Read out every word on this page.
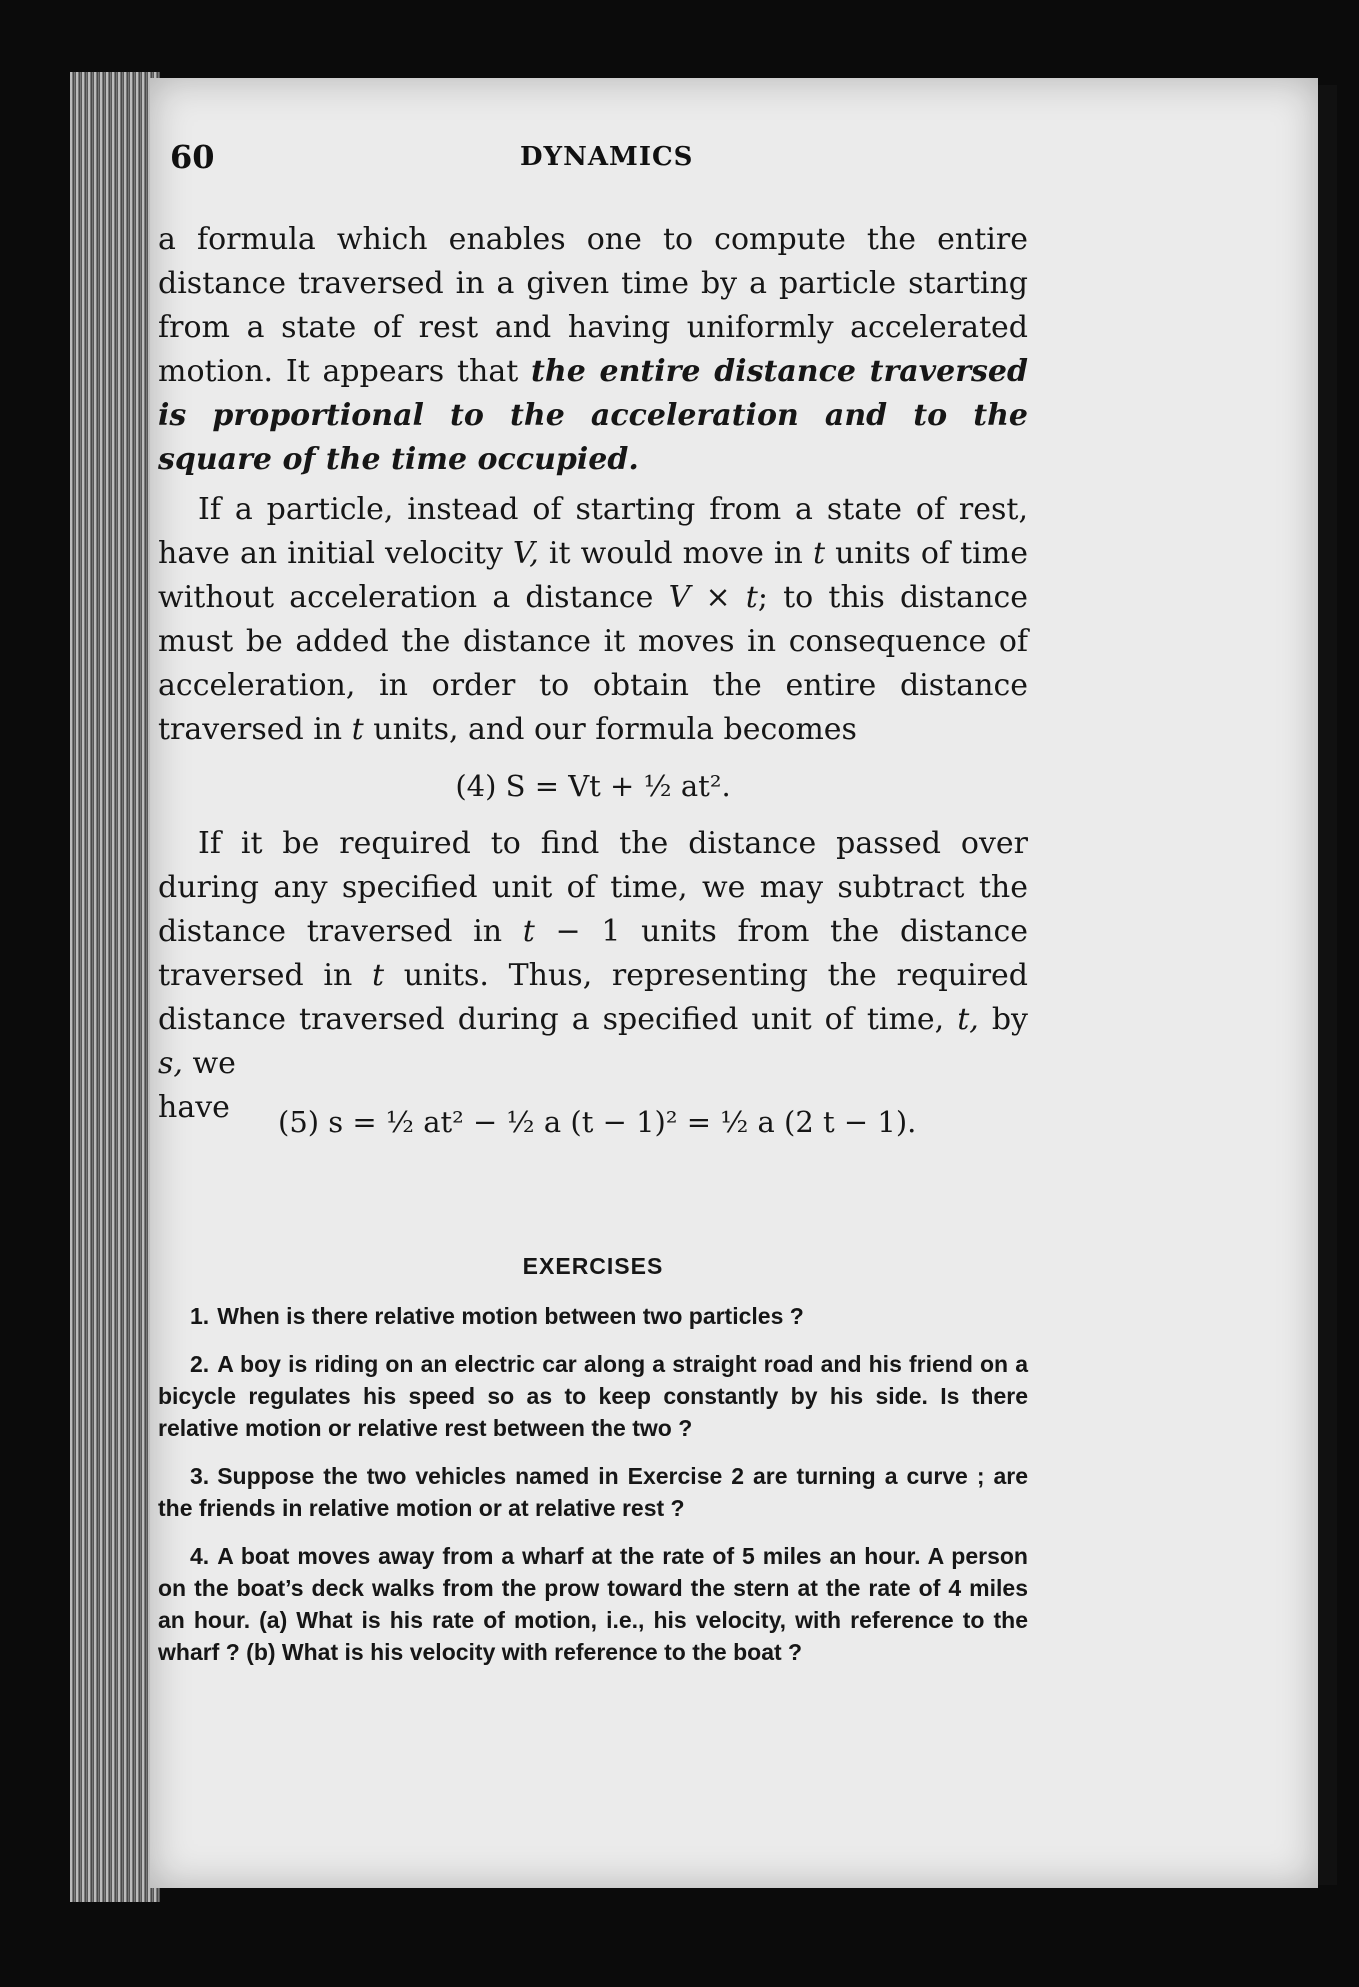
60	DYNAMICS

a formula which enables one to compute the entire distance traversed in a given time by a particle starting from a state of rest and having uniformly accelerated motion. It appears that the entire distance traversed is proportional to the acceleration and to the square of the time occupied.

If a particle, instead of starting from a state of rest, have an initial velocity V, it would move in t units of time without acceleration a distance V × t; to this distance must be added the distance it moves in consequence of acceleration, in order to obtain the entire distance traversed in t units, and our formula becomes

(4) S = Vt + ½ at².

If it be required to find the distance passed over during any specified unit of time, we may subtract the distance traversed in t − 1 units from the distance traversed in t units. Thus, representing the required distance traversed during a specified unit of time, t, by s, we

have (5) s = ½ at² − ½ a (t − 1)² = ½ a (2 t − 1).
EXERCISES
1. When is there relative motion between two particles ?
2. A boy is riding on an electric car along a straight road and his friend on a bicycle regulates his speed so as to keep constantly by his side. Is there relative motion or relative rest between the two ?
3. Suppose the two vehicles named in Exercise 2 are turning a curve ; are the friends in relative motion or at relative rest ?
4. A boat moves away from a wharf at the rate of 5 miles an hour. A person on the boat’s deck walks from the prow toward the stern at the rate of 4 miles an hour. (a) What is his rate of motion, i.e., his velocity, with reference to the wharf ? (b) What is his velocity with reference to the boat ?
